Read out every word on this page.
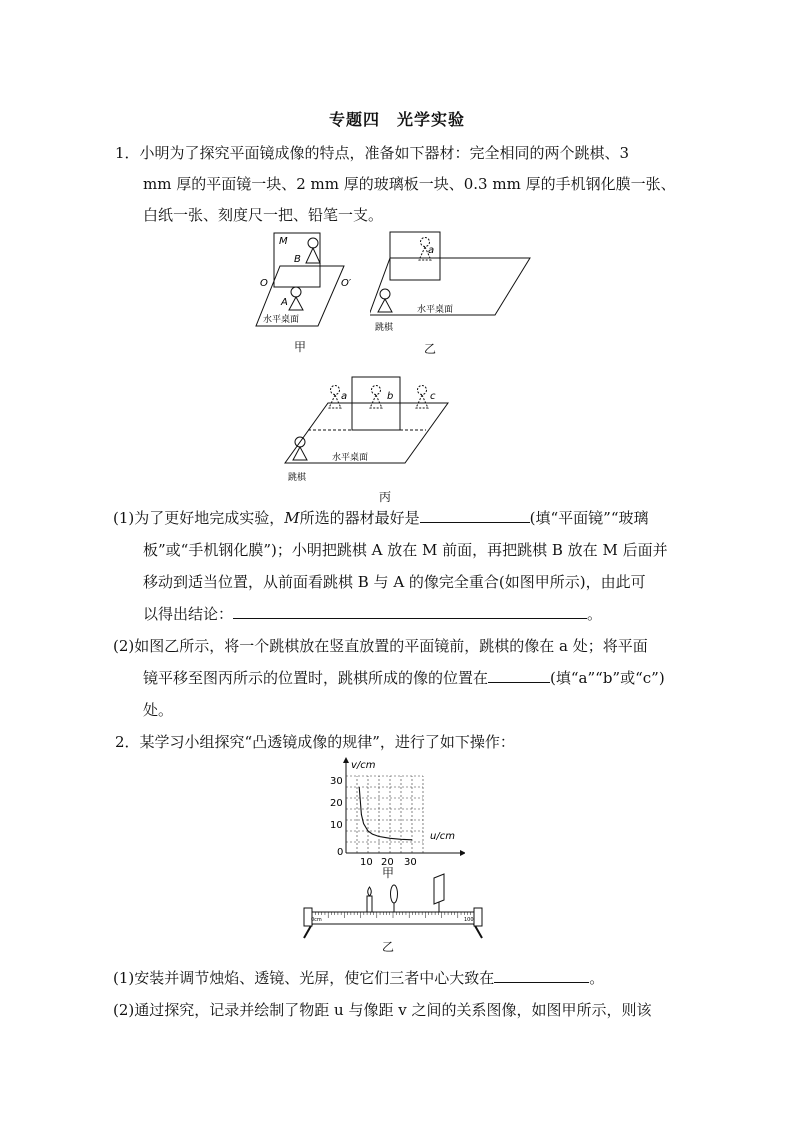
专题四　光学实验
1．小明为了探究平面镜成像的特点，准备如下器材：完全相同的两个跳棋、3
mm 厚的平面镜一块、2 mm 厚的玻璃板一块、0.3 mm 厚的手机钢化膜一张、
白纸一张、刻度尺一把、铅笔一支。
M
B
O	O′
A
水平桌面
甲
a
水平桌面
跳棋
乙
a	b	c
水平桌面
跳棋
丙
(1)为了更好地完成实验，M所选的器材最好是	(填“平面镜”“玻璃
板”或“手机钢化膜”)；小明把跳棋 A 放在 M 前面，再把跳棋 B 放在 M 后面并
移动到适当位置，从前面看跳棋 B 与 A 的像完全重合(如图甲所示)，由此可
以得出结论：	。
(2)如图乙所示，将一个跳棋放在竖直放置的平面镜前，跳棋的像在 a 处；将平面
镜平移至图丙所示的位置时，跳棋所成的像的位置在	(填“a”“b”或“c”)
处。
2．某学习小组探究“凸透镜成像的规律”，进行了如下操作：
v/cm
u/cm
0
10 20 30
10
20
30
甲
0cm	100
乙
(1)安装并调节烛焰、透镜、光屏，使它们三者中心大致在	。
(2)通过探究，记录并绘制了物距 u 与像距 v 之间的关系图像，如图甲所示，则该
